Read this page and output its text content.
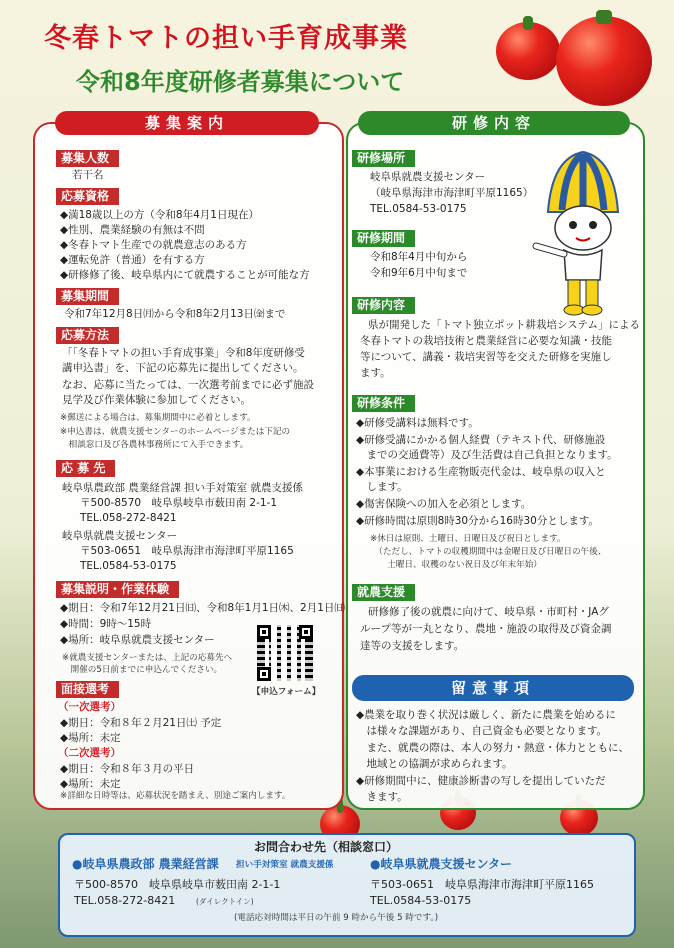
冬春トマトの担い手育成事業
令和8年度研修者募集について
募集案内	研修内容
募集人数
若干名
応募資格
◆満18歳以上の方（令和8年4月1日現在）
◆性別、農業経験の有無は不問
◆冬春トマト生産での就農意志のある方
◆運転免許（普通）を有する方
◆研修修了後、岐阜県内にて就農することが可能な方
募集期間
令和7年12月8日㈪から令和8年2月13日㈮まで
応募方法
「「冬春トマトの担い手育成事業」令和8年度研修受
講申込書」を、下記の応募先に提出してください。
なお、応募に当たっては、一次選考前までに必ず施設
見学及び作業体験に参加してください。
※郵送による場合は、募集期間中に必着とします。
※申込書は、就農支援センターのホームページまたは下記の
　相談窓口及び各農林事務所にて入手できます。
応 募 先
岐阜県農政部 農業経営課 担い手対策室 就農支援係
〒500-8570　岐阜県岐阜市薮田南 2-1-1
TEL.058-272-8421
岐阜県就農支援センター
〒503-0651　岐阜県海津市海津町平原1165
TEL.0584-53-0175
募集説明・作業体験
◆期日：令和7年12月21日㈰、令和8年1月1日㈭、2月1日㈰
◆時間：9時～15時
◆場所：岐阜県就農支援センター
※就農支援センターまたは、上記の応募先へ
　開催の5日前までに申込んでください。
【申込フォーム】
面接選考
（一次選考）
◆期日：令和８年２月21日㈯ 予定
◆場所：未定
（二次選考）
◆期日：令和８年３月の平日
◆場所：未定
※詳細な日時等は、応募状況を踏まえ、別途ご案内します。
研修場所
岐阜県就農支援センター
（岐阜県海津市海津町平原1165）
TEL.0584-53-0175
研修期間
令和8年4月中旬から
令和9年6月中旬まで
研修内容
県が開発した「トマト独立ポット耕栽培システム」による
冬春トマトの栽培技術と農業経営に必要な知識・技能
等について、講義・栽培実習等を交えた研修を実施し
ます。
研修条件
◆研修受講料は無料です。
◆研修受講にかかる個人経費（テキスト代、研修施設
　までの交通費等）及び生活費は自己負担となります。
◆本事業における生産物販売代金は、岐阜県の収入と
　します。
◆傷害保険への加入を必須とします。
◆研修時間は原則8時30分から16時30分とします。
※休日は原則、土曜日、日曜日及び祝日とします。
　（ただし、トマトの収穫期間中は金曜日及び日曜日の午後、
　　土曜日、収穫のない祝日及び年末年始）
就農支援
研修修了後の就農に向けて、岐阜県・市町村・JAグ
ループ等が一丸となり、農地・施設の取得及び資金調
達等の支援をします。
留意事項
◆農業を取り巻く状況は厳しく、新たに農業を始めるに
　は様々な課題があり、自己資金も必要となります。
　また、就農の際は、本人の努力・熱意・体力とともに、
　地域との協調が求められます。
◆研修期間中に、健康診断書の写しを提出していただ
　きます。
お問合わせ先（相談窓口）
●岐阜県農政部 農業経営課 担い手対策室 就農支援係
〒500-8570　岐阜県岐阜市薮田南 2-1-1
TEL.058-272-8421	(ダイレクトイン)
●岐阜県就農支援センター
〒503-0651　岐阜県海津市海津町平原1165
TEL.0584-53-0175
(電話応対時間は平日の午前 9 時から午後 5 時です。)
